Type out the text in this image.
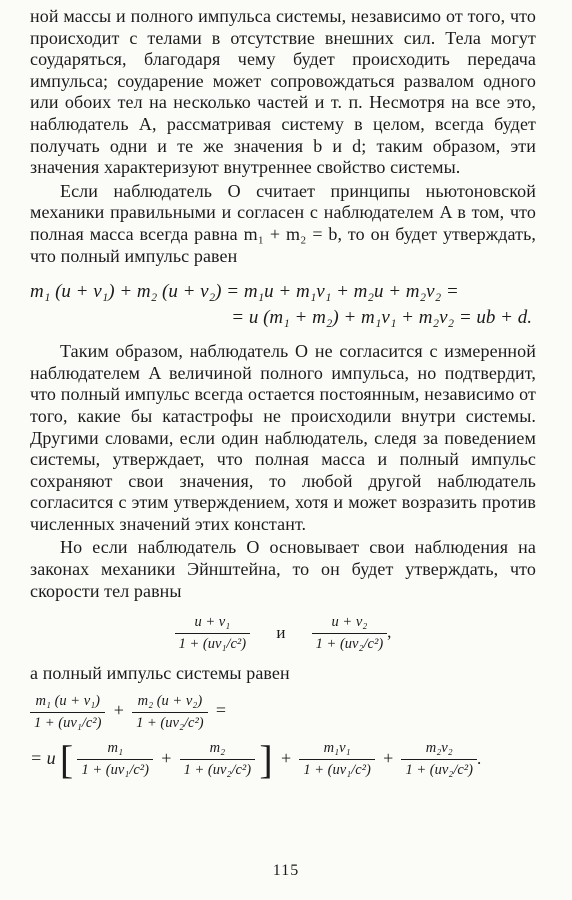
ной массы и полного импульса системы, независимо от того, что происходит с телами в отсутствие внешних сил. Тела могут соударяться, благодаря чему будет происходить передача импульса; соударение может сопровождаться развалом одного или обоих тел на несколько частей и т. п. Несмотря на все это, наблюдатель A, рассматривая систему в целом, всегда будет получать одни и те же значения b и d; таким образом, эти значения характеризуют внутреннее свойство системы.

Если наблюдатель O считает принципы ньютоновской механики правильными и согласен с наблюдателем A в том, что полная масса всегда равна m₁ + m₂ = b, то он будет утверждать, что полный импульс равен

m₁ (u + v₁) + m₂ (u + v₂) = m₁u + m₁v₁ + m₂u + m₂v₂ =
= u (m₁ + m₂) + m₁v₁ + m₂v₂ = ub + d.

Таким образом, наблюдатель O не согласится с измеренной наблюдателем A величиной полного импульса, но подтвердит, что полный импульс всегда остается постоянным, независимо от того, какие бы катастрофы не происходили внутри системы. Другими словами, если один наблюдатель, следя за поведением системы, утверждает, что полная масса и полный импульс сохраняют свои значения, то любой другой наблюдатель согласится с этим утверждением, хотя и может возразить против численных значений этих констант.

Но если наблюдатель O основывает свои наблюдения на законах механики Эйнштейна, то он будет утверждать, что скорости тел равны

$\frac{\text{u + v₁}}{\text{1 + (uv₁/c²)}}$ и $\frac{\text{u + v₂}}{\text{1 + (uv₂/c²)}}$ ,

а полный импульс системы равен

$\frac{\text{m₁ (u + v₁)}}{\text{1 + (uv₁/c²)}} + \frac{\text{m₂ (u + v₂)}}{\text{1 + (uv₂/c²)}}$ =
= u [ $\frac{\text{m₁}}{\text{1 + (uv₁/c²)}} + \frac{\text{m₂}}{\text{1 + (uv₂/c²)}}$ ] + $\frac{\text{m₁v₁}}{\text{1 + (uv₁/c²)}} + \frac{\text{m₂v₂}}{\text{1 + (uv₂/c²)}}$ .
115
